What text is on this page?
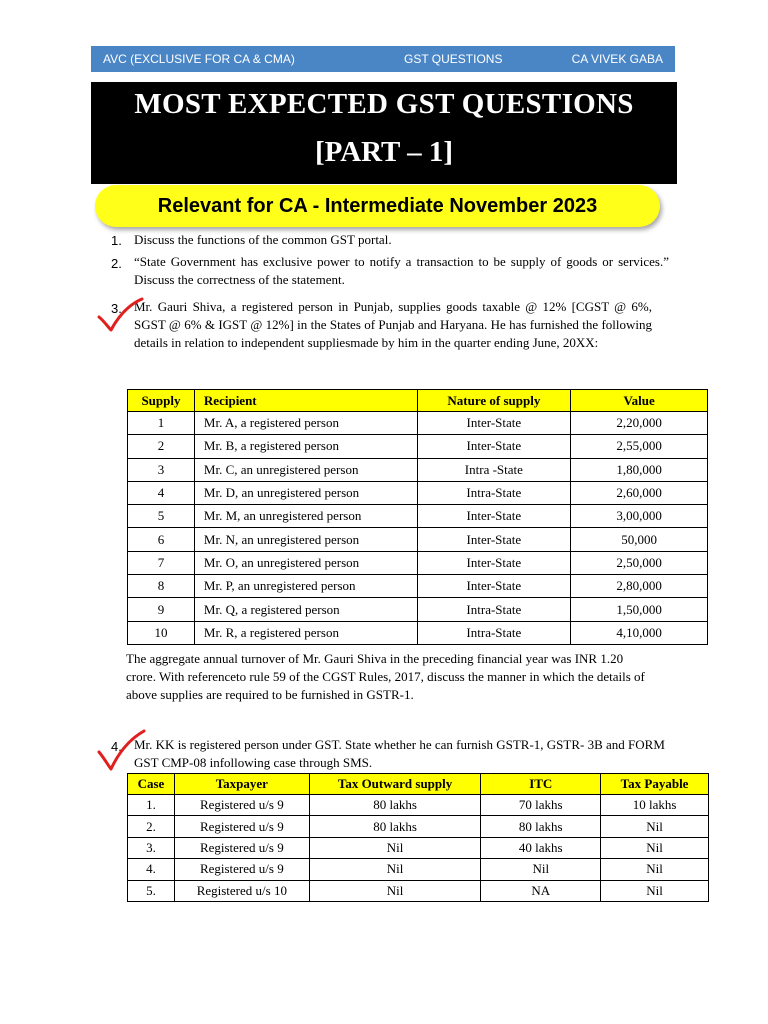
AVC (EXCLUSIVE FOR CA & CMA)	GST QUESTIONS	CA VIVEK GABA
MOST EXPECTED GST QUESTIONS
[PART – 1]
Relevant for CA - Intermediate November 2023
1. Discuss the functions of the common GST portal.
2. “State Government has exclusive power to notify a transaction to be supply of goods or services.” Discuss the correctness of the statement.
3. Mr. Gauri Shiva, a registered person in Punjab, supplies goods taxable @ 12% [CGST @ 6%, SGST @ 6% & IGST @ 12%] in the States of Punjab and Haryana. He has furnished the following details in relation to independent suppliesmade by him in the quarter ending June, 20XX:
Supply	Recipient	Nature of supply	Value
1	Mr. A, a registered person	Inter-State	2,20,000
2	Mr. B, a registered person	Inter-State	2,55,000
3	Mr. C, an unregistered person	Intra -State	1,80,000
4	Mr. D, an unregistered person	Intra-State	2,60,000
5	Mr. M, an unregistered person	Inter-State	3,00,000
6	Mr. N, an unregistered person	Inter-State	50,000
7	Mr. O, an unregistered person	Inter-State	2,50,000
8	Mr. P, an unregistered person	Inter-State	2,80,000
9	Mr. Q, a registered person	Intra-State	1,50,000
10	Mr. R, a registered person	Intra-State	4,10,000
The aggregate annual turnover of Mr. Gauri Shiva in the preceding financial year was INR 1.20 crore. With referenceto rule 59 of the CGST Rules, 2017, discuss the manner in which the details of above supplies are required to be furnished in GSTR-1.
4. Mr. KK is registered person under GST. State whether he can furnish GSTR-1, GSTR- 3B and FORM GST CMP-08 infollowing case through SMS.
Case	Taxpayer	Tax Outward supply	ITC	Tax Payable
1.	Registered u/s 9	80 lakhs	70 lakhs	10 lakhs
2.	Registered u/s 9	80 lakhs	80 lakhs	Nil
3.	Registered u/s 9	Nil	40 lakhs	Nil
4.	Registered u/s 9	Nil	Nil	Nil
5.	Registered u/s 10	Nil	NA	Nil
